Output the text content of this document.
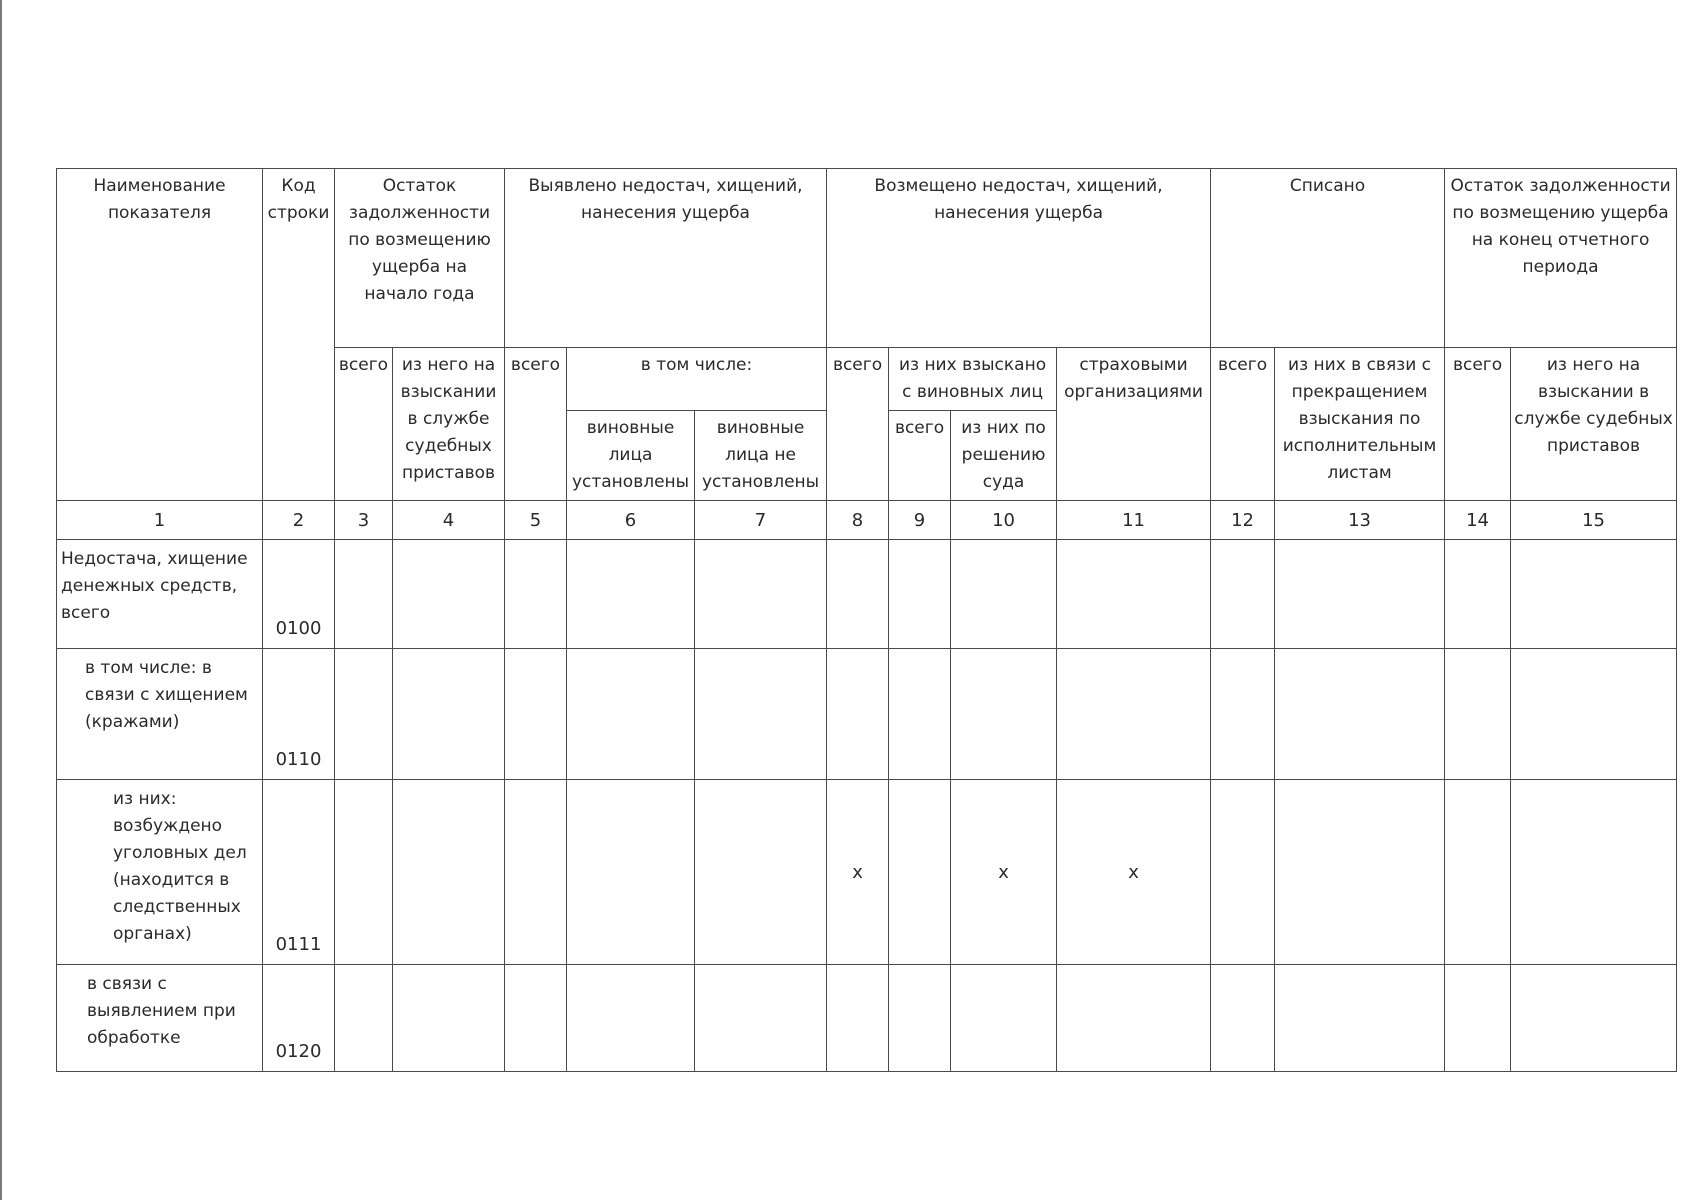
Наименование показателя	Код строки	Остаток задолженности по возмещению ущерба на начало года		Выявлено недостач, хищений, нанесения ущерба			Возмещено недостач, хищений, нанесения ущерба				Списано		Остаток задолженности по возмещению ущерба на конец отчетного периода	
		всего	из него на взыскании в службе судебных приставов	всего	в том числе:		всего	из них взыскано с виновных лиц		страховыми организациями	всего	из них в связи с прекращением взыскания по исполнительным листам	всего	из него на взыскании в службе судебных приставов
					виновные лица установлены	виновные лица не установлены		всего	из них по решению суда					
1	2	3	4	5	6	7	8	9	10	11	12	13	14	15
Недостача, хищение денежных средств, всего	0100													
в том числе: в связи с хищением (кражами)	0110													
из них: возбуждено уголовных дел (находится в следственных органах)	0111						x		x	x				
в связи с выявлением при обработке	0120													
